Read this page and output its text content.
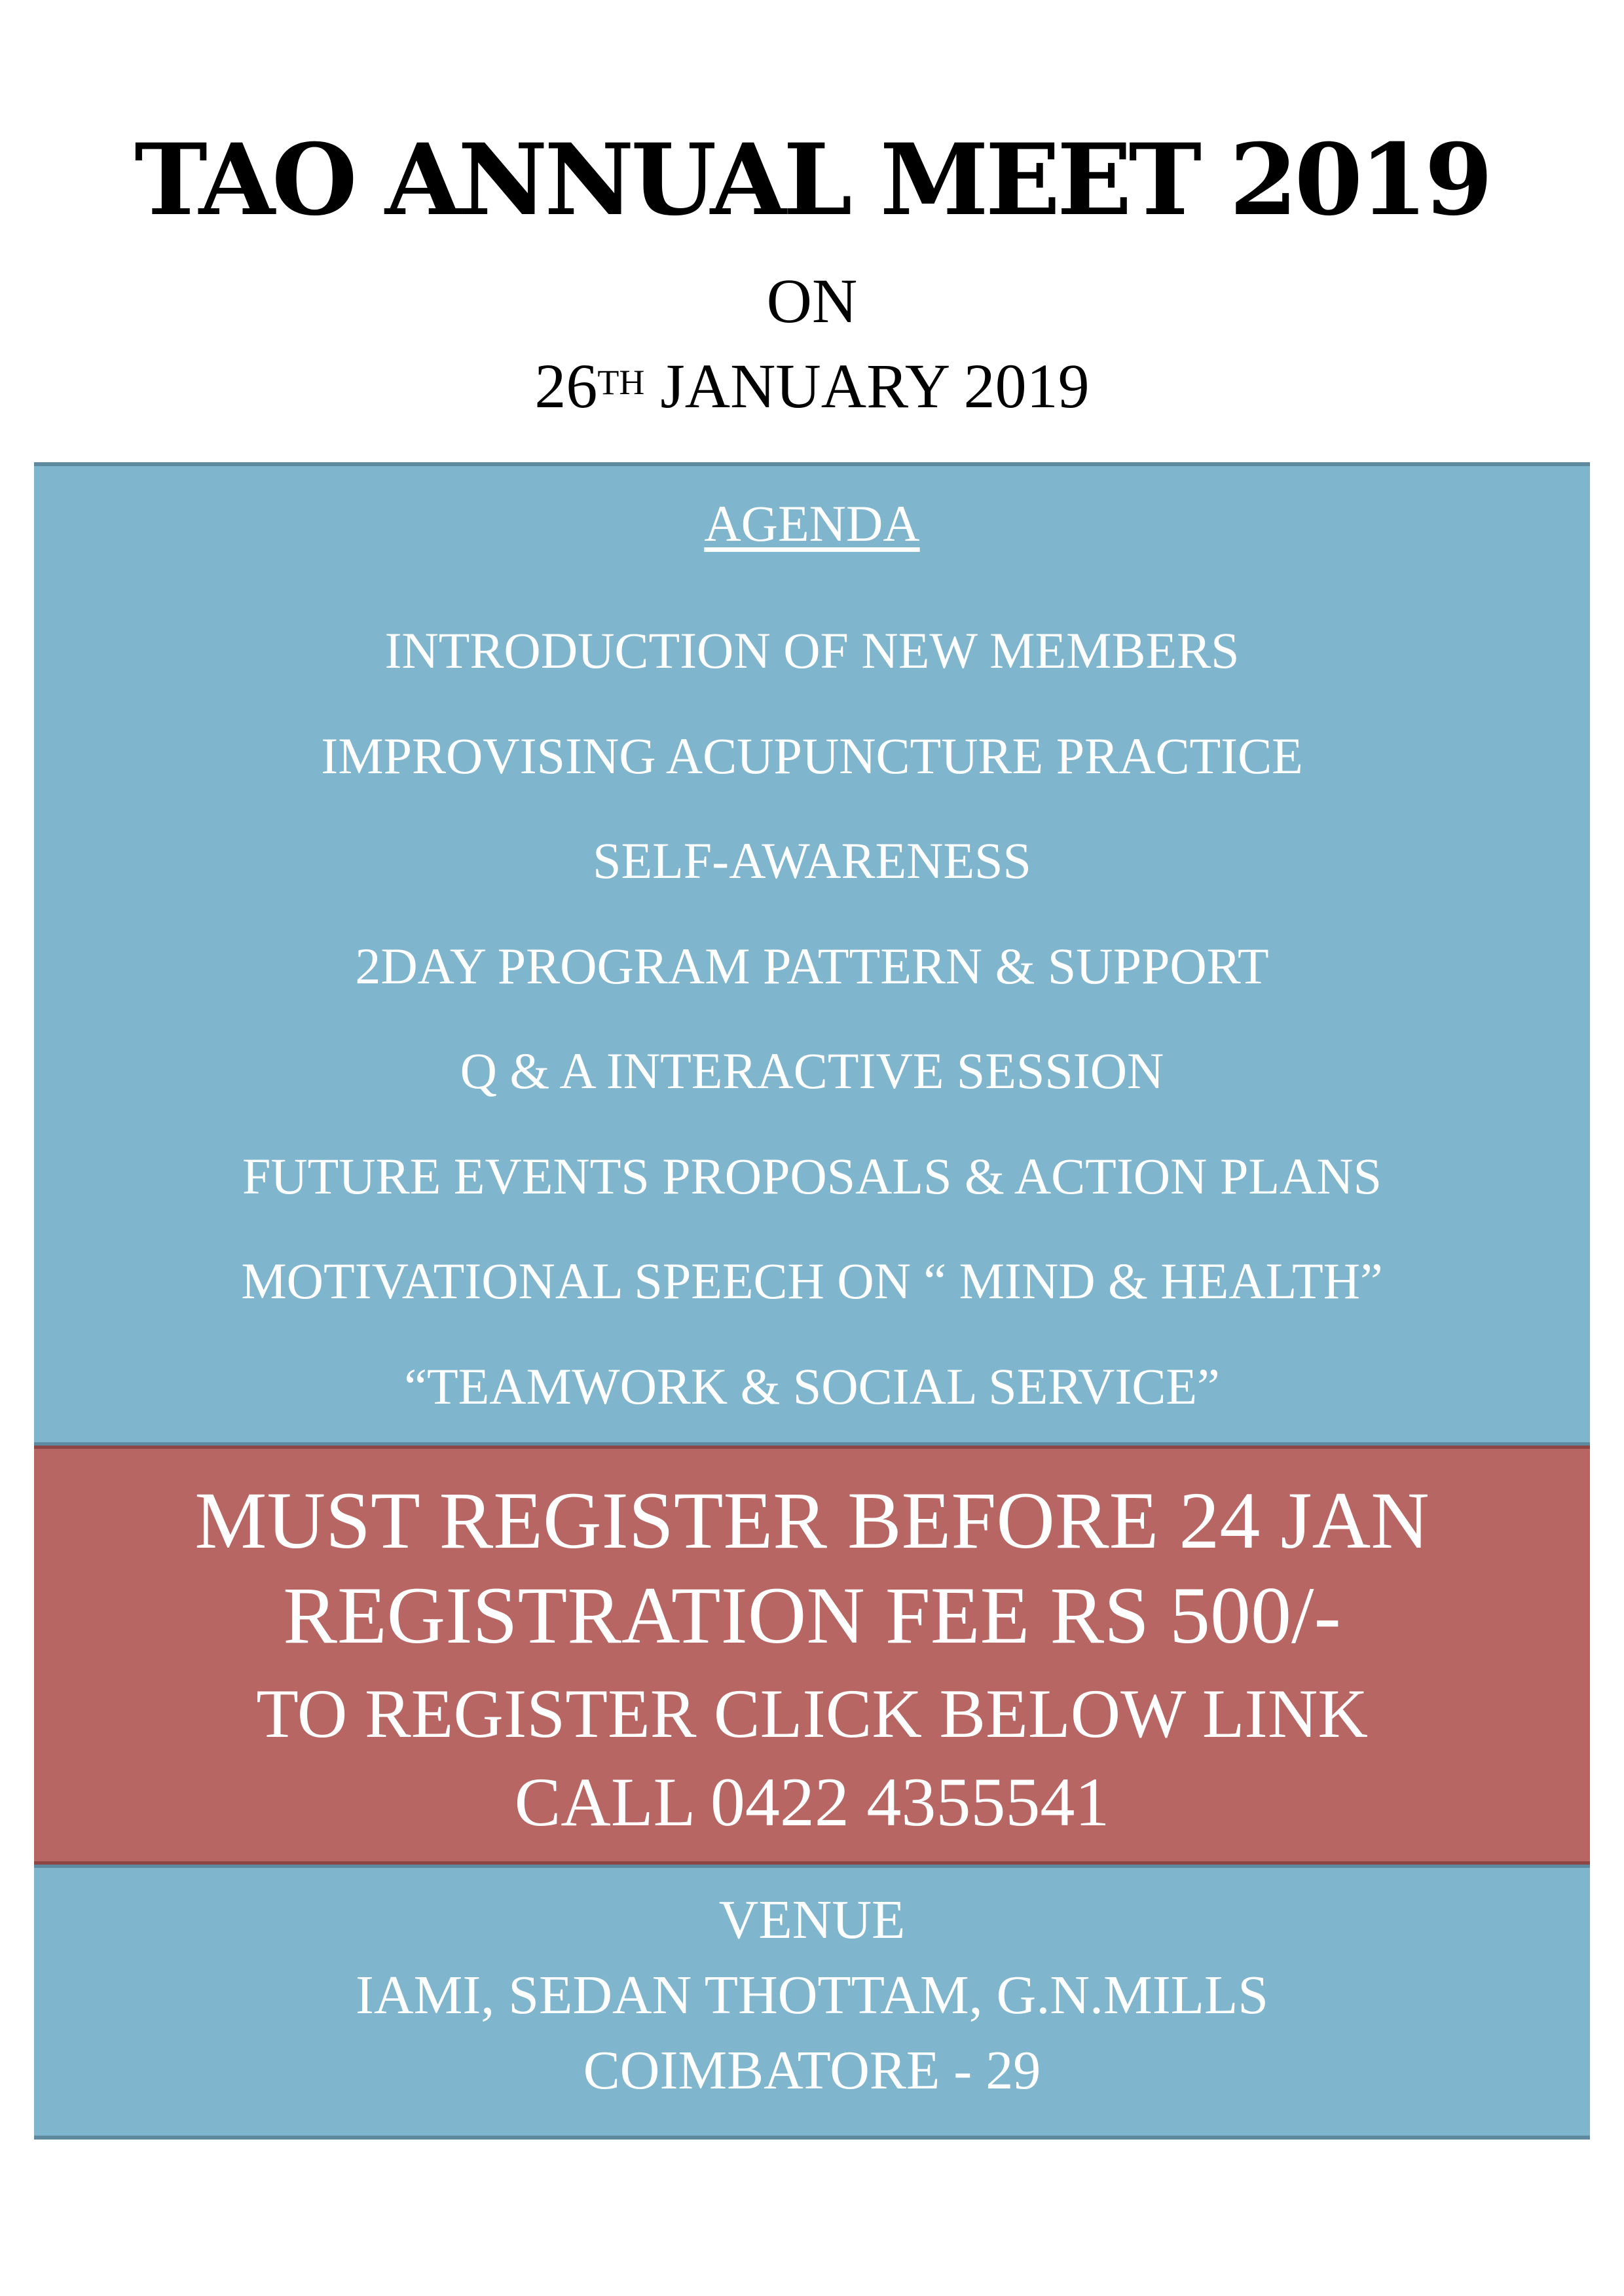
TAO ANNUAL MEET 2019
ON
26TH JANUARY 2019
AGENDA
INTRODUCTION OF NEW MEMBERS
IMPROVISING ACUPUNCTURE PRACTICE
SELF-AWARENESS
2DAY PROGRAM PATTERN & SUPPORT
Q & A INTERACTIVE SESSION
FUTURE EVENTS PROPOSALS & ACTION PLANS
MOTIVATIONAL SPEECH ON “ MIND & HEALTH”
“TEAMWORK & SOCIAL SERVICE”
MUST REGISTER BEFORE 24 JAN
REGISTRATION FEE RS 500/-
TO REGISTER CLICK BELOW LINK
CALL 0422 4355541
VENUE
IAMI, SEDAN THOTTAM, G.N.MILLS
COIMBATORE - 29
